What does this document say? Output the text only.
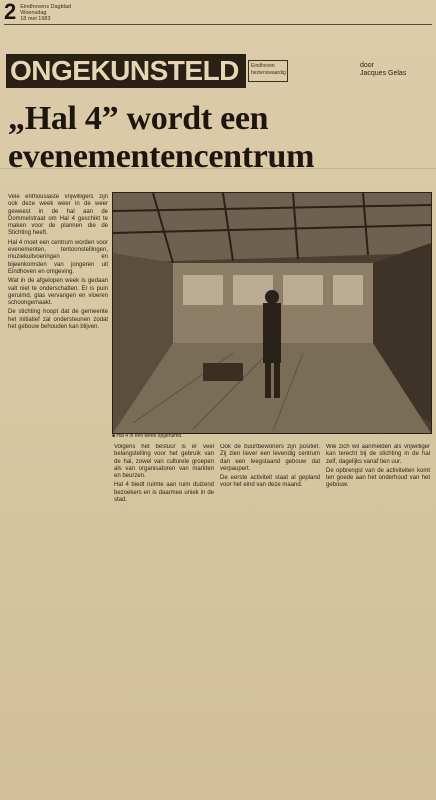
2 Eindhovens Dagblad
Woensdag
18 mei 1983
ONGEKUNSTELD Eindhoven
bezienswaardig
door
Jacques Gelas
„Hal 4” wordt een
evenementencentrum
■ Hal 4 in een week opgeruimd.

Vele enthousiaste vrijwilligers zijn ook deze week weer in de weer geweest in de hal aan de Dommelstraat om Hal 4 geschikt te maken voor de plannen die de Stichting heeft.

Hal 4 moet een centrum worden voor evenementen, tentoonstellingen, muziekuitvoeringen en bijeenkomsten van jongeren uit Eindhoven en omgeving.

Wat in de afgelopen week is gedaan valt niet te onderschatten. Er is puin geruimd, glas vervangen en vloeren schoongemaakt.

De stichting hoopt dat de gemeente het initiatief zal ondersteunen zodat het gebouw behouden kan blijven.

Volgens het bestuur is er veel belangstelling voor het gebruik van de hal, zowel van culturele groepen als van organisatoren van markten en beurzen.

Hal 4 biedt ruimte aan ruim duizend bezoekers en is daarmee uniek in de stad.

Ook de buurtbewoners zijn positief. Zij zien liever een levendig centrum dan een leegstaand gebouw dat verpaupert.

De eerste activiteit staat al gepland voor het eind van deze maand.

Wie zich wil aanmelden als vrijwilliger kan terecht bij de stichting in de hal zelf, dagelijks vanaf tien uur.

De opbrengst van de activiteiten komt ten goede aan het onderhoud van het gebouw.
